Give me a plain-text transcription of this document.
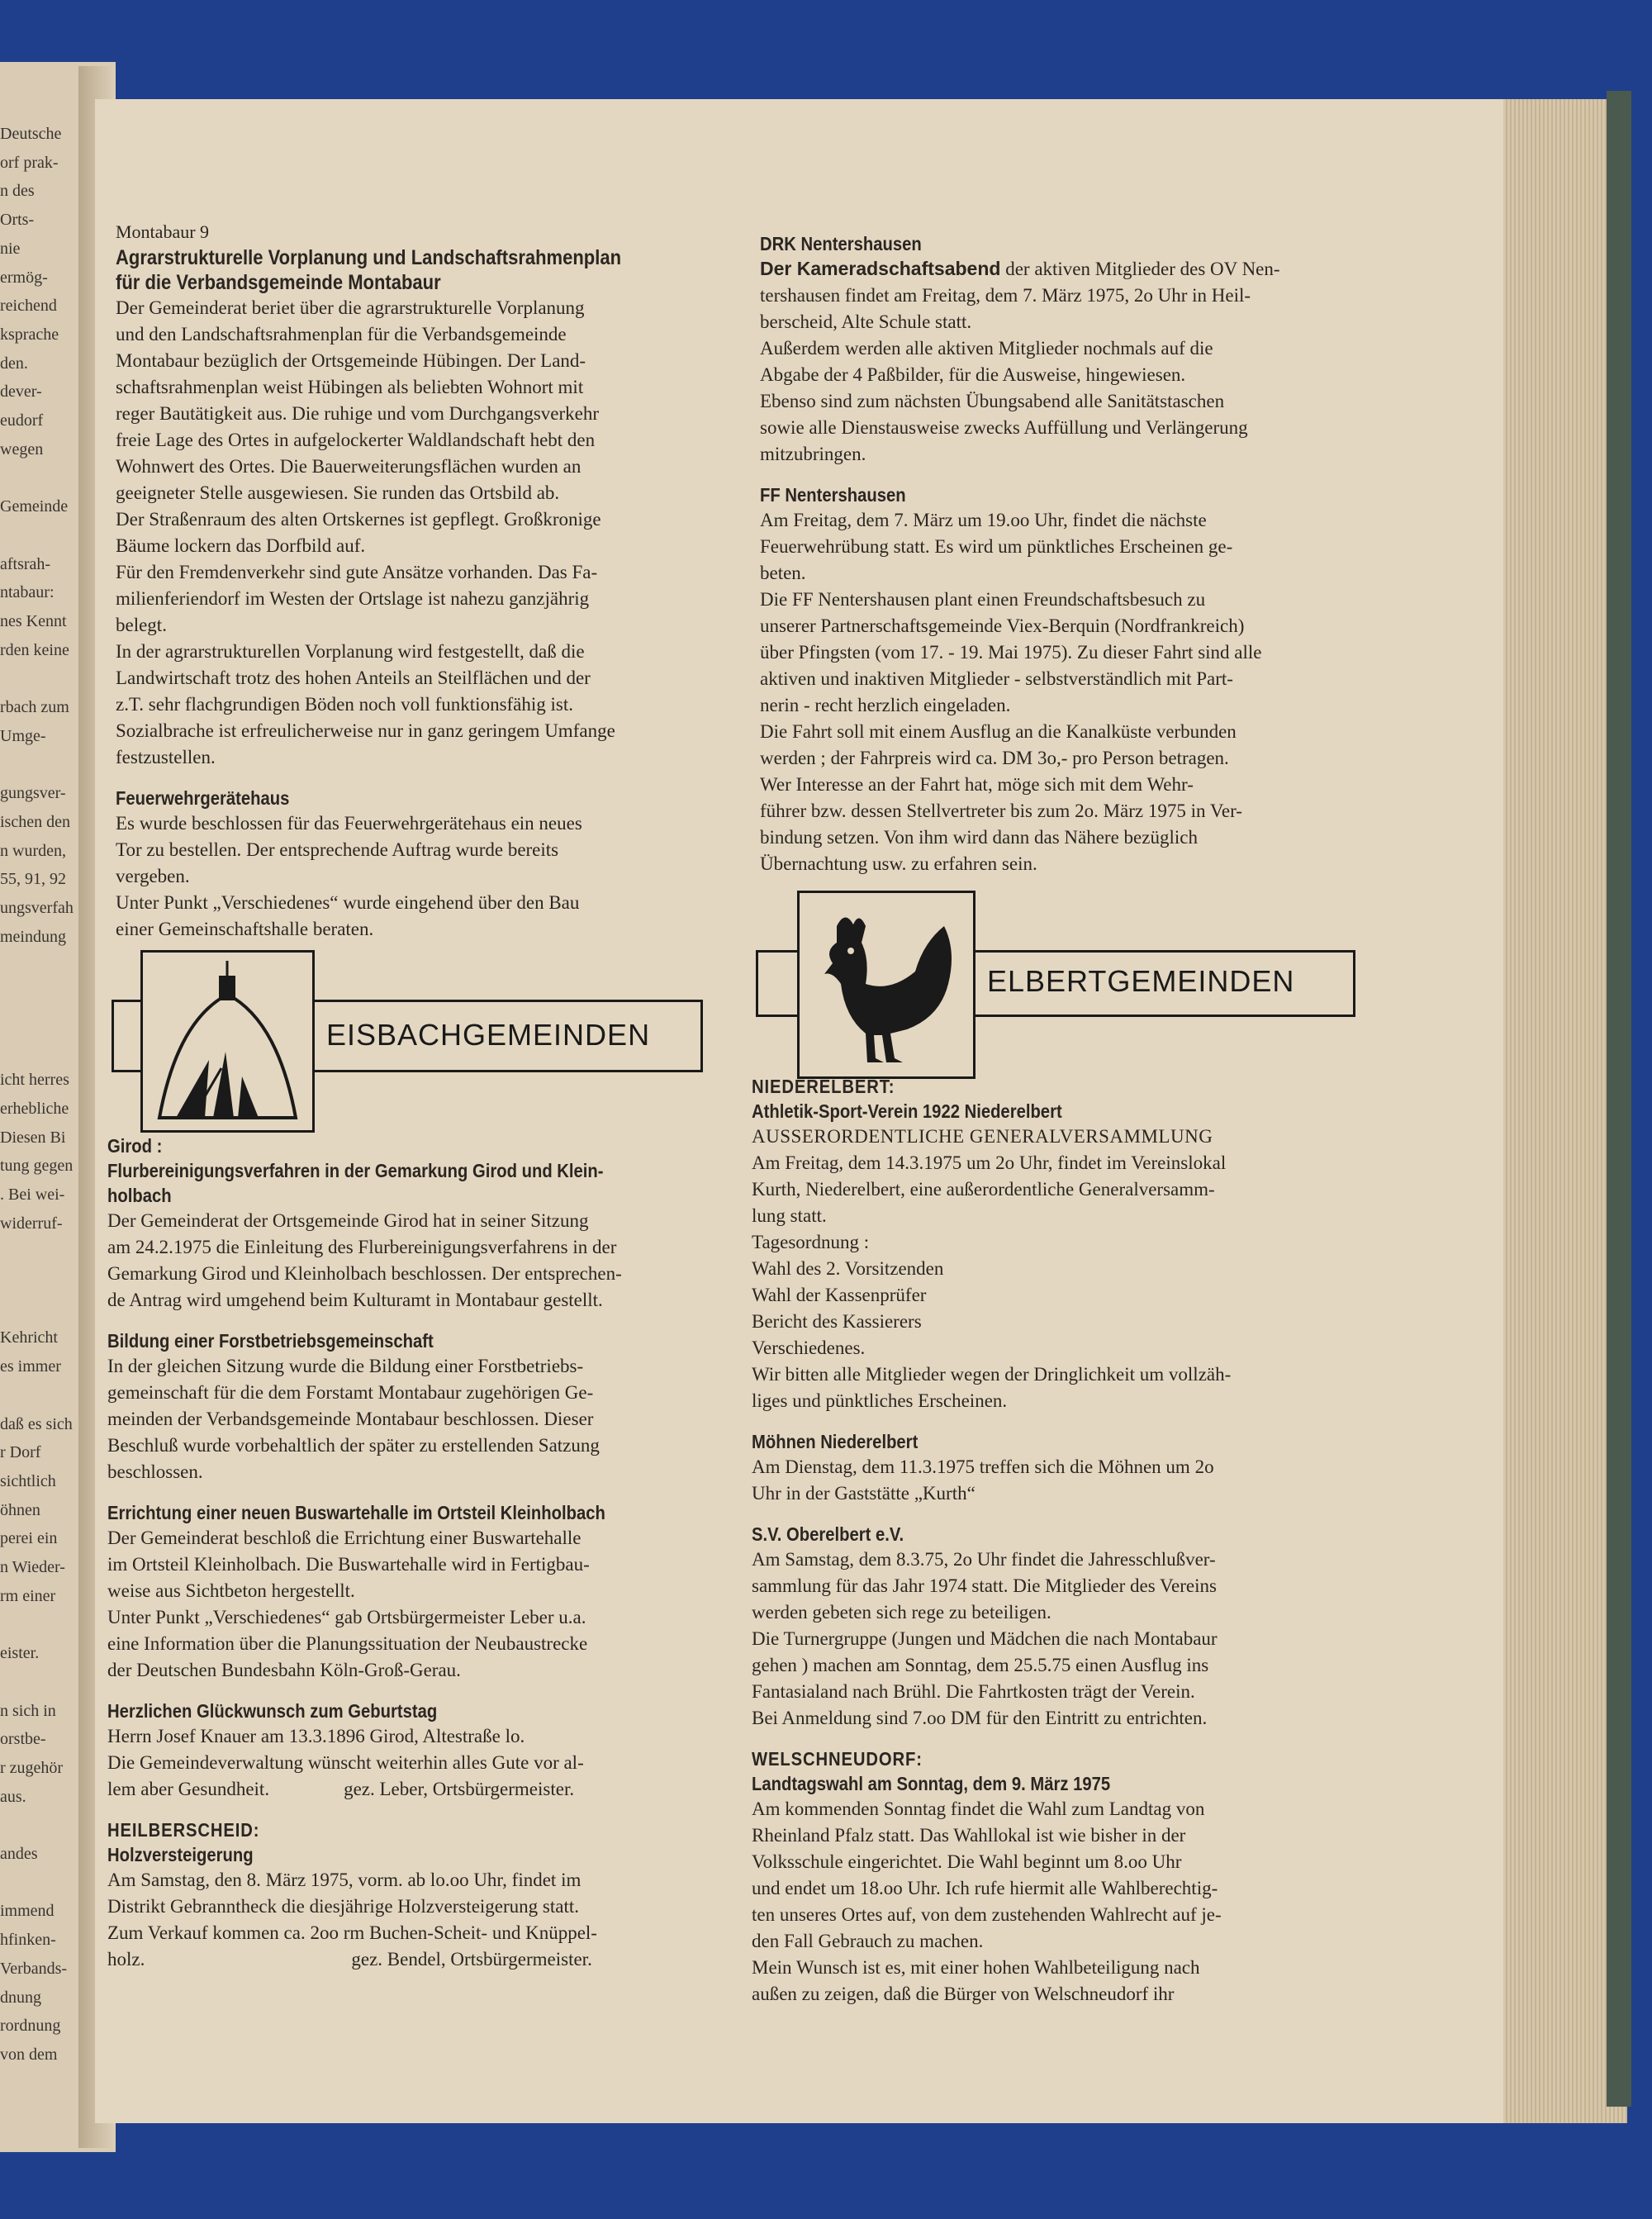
Deutsche
orf prak-
n des
Orts-
nie
ermög-
reichend
ksprache
den.
dever-
eudorf
wegen
Gemeinde
aftsrah-
ntabaur:
nes Kennt
rden keine
rbach zum
Umge-
gungsver-
ischen den
n wurden,
55, 91, 92
ungsverfah
meindung
icht herres
erhebliche
Diesen Bi
tung gegen
. Bei wei-
widerruf-
Kehricht
es immer
daß es sich
r Dorf
sichtlich
öhnen
perei ein
n Wieder-
rm einer
eister.
n sich in
orstbe-
r zugehör
aus.
andes
immend
hfinken-
Verbands-
dnung
rordnung
von dem

Montabaur 9

Agrarstrukturelle Vorplanung und Landschaftsrahmenplan

für die Verbandsgemeinde Montabaur

Der Gemeinderat beriet über die agrarstrukturelle Vorplanung

und den Landschaftsrahmenplan für die Verbandsgemeinde

Montabaur bezüglich der Ortsgemeinde Hübingen. Der Land-

schaftsrahmenplan weist Hübingen als beliebten Wohnort mit

reger Bautätigkeit aus. Die ruhige und vom Durchgangsverkehr

freie Lage des Ortes in aufgelockerter Waldlandschaft hebt den

Wohnwert des Ortes. Die Bauerweiterungsflächen wurden an

geeigneter Stelle ausgewiesen. Sie runden das Ortsbild ab.

Der Straßenraum des alten Ortskernes ist gepflegt. Großkronige

Bäume lockern das Dorfbild auf.

Für den Fremdenverkehr sind gute Ansätze vorhanden. Das Fa-

milienferiendorf im Westen der Ortslage ist nahezu ganzjährig

belegt.

In der agrarstrukturellen Vorplanung wird festgestellt, daß die

Landwirtschaft trotz des hohen Anteils an Steilflächen und der

z.T. sehr flachgrundigen Böden noch voll funktionsfähig ist.

Sozialbrache ist erfreulicherweise nur in ganz geringem Umfange

festzustellen.

Feuerwehrgerätehaus

Es wurde beschlossen für das Feuerwehrgerätehaus ein neues

Tor zu bestellen. Der entsprechende Auftrag wurde bereits

vergeben.

Unter Punkt „Verschiedenes“ wurde eingehend über den Bau

einer Gemeinschaftshalle beraten.

EISBACHGEMEINDEN

Girod :

Flurbereinigungsverfahren in der Gemarkung Girod und Klein-

holbach

Der Gemeinderat der Ortsgemeinde Girod hat in seiner Sitzung

am 24.2.1975 die Einleitung des Flurbereinigungsverfahrens in der

Gemarkung Girod und Kleinholbach beschlossen. Der entsprechen-

de Antrag wird umgehend beim Kulturamt in Montabaur gestellt.

Bildung einer Forstbetriebsgemeinschaft

In der gleichen Sitzung wurde die Bildung einer Forstbetriebs-

gemeinschaft für die dem Forstamt Montabaur zugehörigen Ge-

meinden der Verbandsgemeinde Montabaur beschlossen. Dieser

Beschluß wurde vorbehaltlich der später zu erstellenden Satzung

beschlossen.

Errichtung einer neuen Buswartehalle im Ortsteil Kleinholbach

Der Gemeinderat beschloß die Errichtung einer Buswartehalle

im Ortsteil Kleinholbach. Die Buswartehalle wird in Fertigbau-

weise aus Sichtbeton hergestellt.

Unter Punkt „Verschiedenes“ gab Ortsbürgermeister Leber u.a.

eine Information über die Planungssituation der Neubaustrecke

der Deutschen Bundesbahn Köln-Groß-Gerau.

Herzlichen Glückwunsch zum Geburtstag

Herrn Josef Knauer am 13.3.1896 Girod, Altestraße lo.

Die Gemeindeverwaltung wünscht weiterhin alles Gute vor al-

lem aber Gesundheit.	gez. Leber, Ortsbürgermeister.

HEILBERSCHEID:

Holzversteigerung

Am Samstag, den 8. März 1975, vorm. ab lo.oo Uhr, findet im

Distrikt Gebranntheck die diesjährige Holzversteigerung statt.

Zum Verkauf kommen ca. 2oo rm Buchen-Scheit- und Knüppel-

holz.	gez. Bendel, Ortsbürgermeister.

DRK Nentershausen

Der Kameradschaftsabend der aktiven Mitglieder des OV Nen-

tershausen findet am Freitag, dem 7. März 1975, 2o Uhr in Heil-

berscheid, Alte Schule statt.

Außerdem werden alle aktiven Mitglieder nochmals auf die

Abgabe der 4 Paßbilder, für die Ausweise, hingewiesen.

Ebenso sind zum nächsten Übungsabend alle Sanitätstaschen

sowie alle Dienstausweise zwecks Auffüllung und Verlängerung

mitzubringen.

FF Nentershausen

Am Freitag, dem 7. März um 19.oo Uhr, findet die nächste

Feuerwehrübung statt. Es wird um pünktliches Erscheinen ge-

beten.

Die FF Nentershausen plant einen Freundschaftsbesuch zu

unserer Partnerschaftsgemeinde Viex-Berquin (Nordfrankreich)

über Pfingsten (vom 17. - 19. Mai 1975). Zu dieser Fahrt sind alle

aktiven und inaktiven Mitglieder - selbstverständlich mit Part-

nerin - recht herzlich eingeladen.

Die Fahrt soll mit einem Ausflug an die Kanalküste verbunden

werden ; der Fahrpreis wird ca. DM 3o,- pro Person betragen.

Wer Interesse an der Fahrt hat, möge sich mit dem Wehr-

führer bzw. dessen Stellvertreter bis zum 2o. März 1975 in Ver-

bindung setzen. Von ihm wird dann das Nähere bezüglich

Übernachtung usw. zu erfahren sein.

ELBERTGEMEINDEN

NIEDERELBERT:

Athletik-Sport-Verein 1922 Niederelbert

AUSSERORDENTLICHE GENERALVERSAMMLUNG

Am Freitag, dem 14.3.1975 um 2o Uhr, findet im Vereinslokal

Kurth, Niederelbert, eine außerordentliche Generalversamm-

lung statt.

Tagesordnung :

Wahl des 2. Vorsitzenden

Wahl der Kassenprüfer

Bericht des Kassierers

Verschiedenes.

Wir bitten alle Mitglieder wegen der Dringlichkeit um vollzäh-

liges und pünktliches Erscheinen.

Möhnen Niederelbert

Am Dienstag, dem 11.3.1975 treffen sich die Möhnen um 2o

Uhr in der Gaststätte „Kurth“

S.V. Oberelbert e.V.

Am Samstag, dem 8.3.75, 2o Uhr findet die Jahresschlußver-

sammlung für das Jahr 1974 statt. Die Mitglieder des Vereins

werden gebeten sich rege zu beteiligen.

Die Turnergruppe (Jungen und Mädchen die nach Montabaur

gehen ) machen am Sonntag, dem 25.5.75 einen Ausflug ins

Fantasialand nach Brühl. Die Fahrtkosten trägt der Verein.

Bei Anmeldung sind 7.oo DM für den Eintritt zu entrichten.

WELSCHNEUDORF:

Landtagswahl am Sonntag, dem 9. März 1975

Am kommenden Sonntag findet die Wahl zum Landtag von

Rheinland Pfalz statt. Das Wahllokal ist wie bisher in der

Volksschule eingerichtet. Die Wahl beginnt um 8.oo Uhr

und endet um 18.oo Uhr. Ich rufe hiermit alle Wahlberechtig-

ten unseres Ortes auf, von dem zustehenden Wahlrecht auf je-

den Fall Gebrauch zu machen.

Mein Wunsch ist es, mit einer hohen Wahlbeteiligung nach

außen zu zeigen, daß die Bürger von Welschneudorf ihr
